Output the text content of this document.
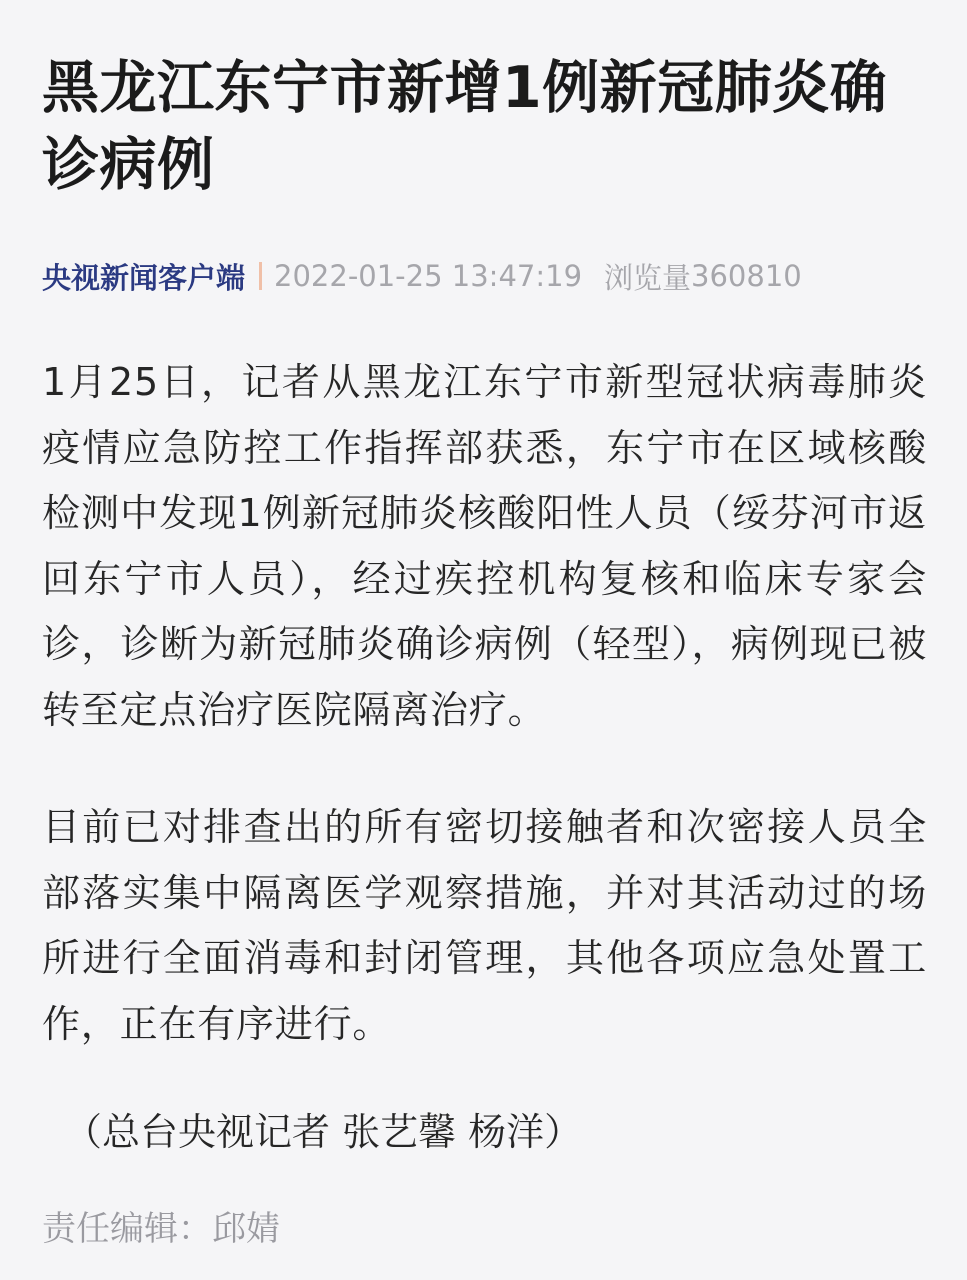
黑龙江东宁市新增1例新冠肺炎确诊病例
央视新闻客户端 2022-01-25 13:47:19 浏览量 360810

1月25日，记者从黑龙江东宁市新型冠状病毒肺炎疫情应急防控工作指挥部获悉，东宁市在区域核酸检测中发现1例新冠肺炎核酸阳性人员（绥芬河市返回东宁市人员），经过疾控机构复核和临床专家会诊，诊断为新冠肺炎确诊病例（轻型），病例现已被转至定点治疗医院隔离治疗。

目前已对排查出的所有密切接触者和次密接人员全部落实集中隔离医学观察措施，并对其活动过的场所进行全面消毒和封闭管理，其他各项应急处置工作，正在有序进行。

（总台央视记者 张艺馨 杨洋）

责任编辑：邱婧
